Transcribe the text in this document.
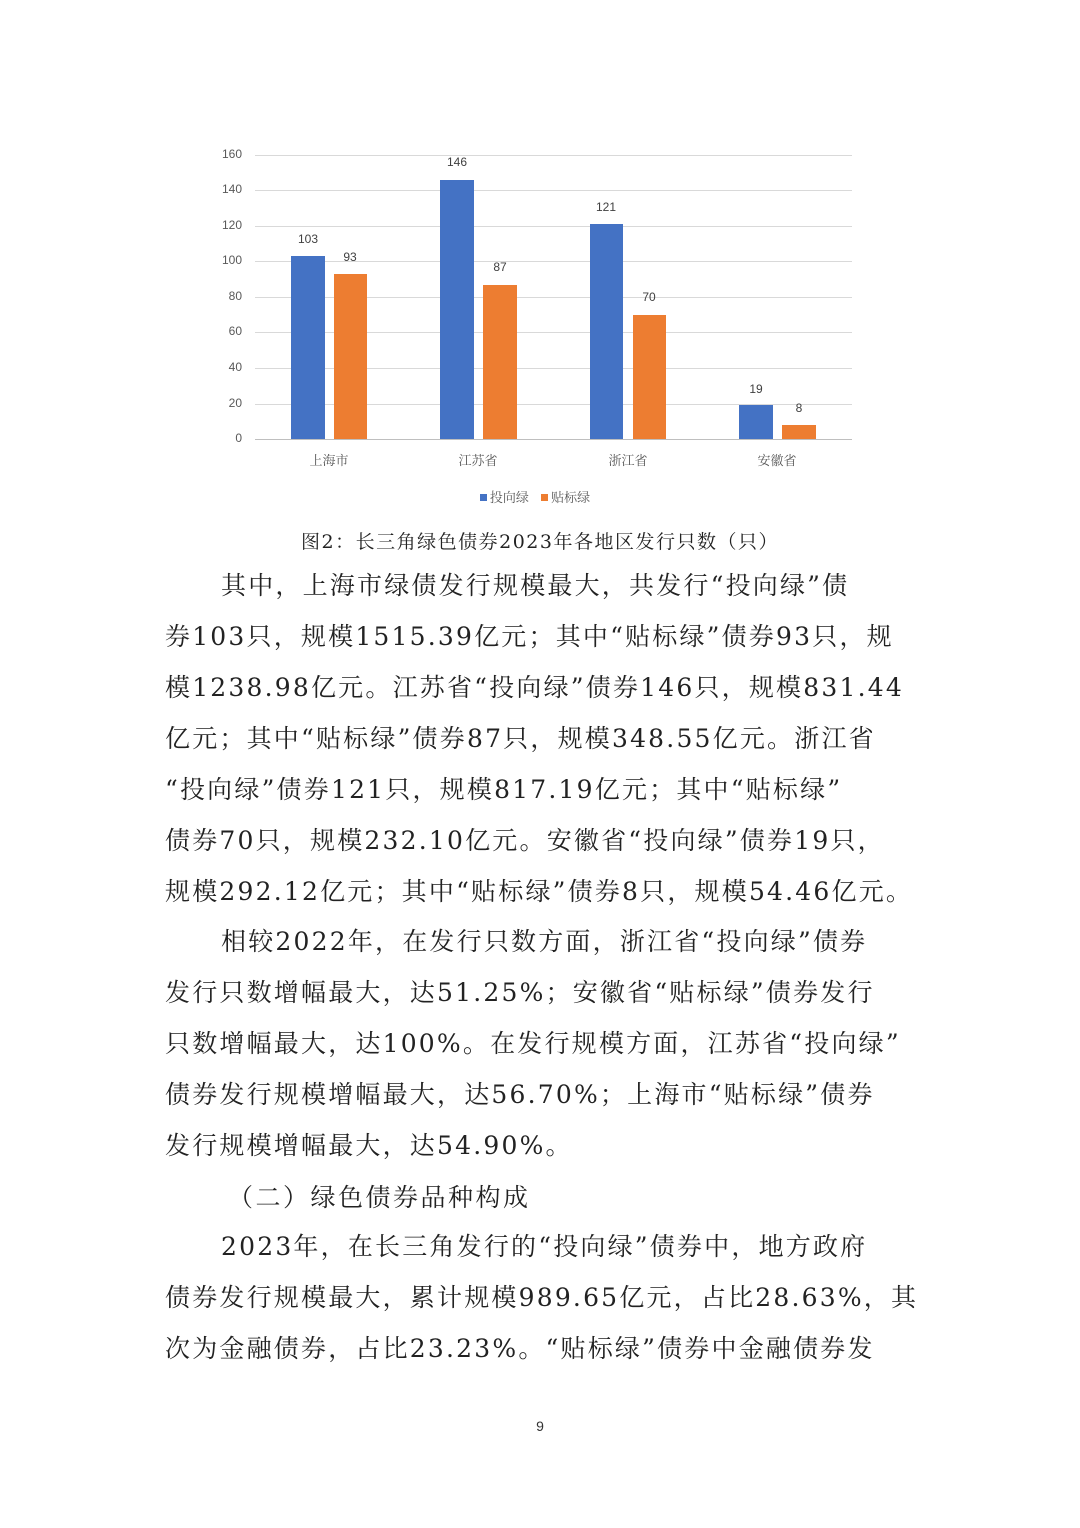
160
140
120
100
80
60
40
20
0
103
93
146
87
121
70
19
8
上海市	江苏省	浙江省	安徽省
投向绿 贴标绿
图2：长三角绿色债券2023年各地区发行只数（只）
其中，上海市绿债发行规模最大，共发行“投向绿”债
券103只，规模1515.39亿元；其中“贴标绿”债券93只，规
模1238.98亿元。江苏省“投向绿”债券146只，规模831.44
亿元；其中“贴标绿”债券87只，规模348.55亿元。浙江省
“投向绿”债券121只，规模817.19亿元；其中“贴标绿”
债券70只，规模232.10亿元。安徽省“投向绿”债券19只，
规模292.12亿元；其中“贴标绿”债券8只，规模54.46亿元。
相较2022年，在发行只数方面，浙江省“投向绿”债券
发行只数增幅最大，达51.25%；安徽省“贴标绿”债券发行
只数增幅最大，达100%。在发行规模方面，江苏省“投向绿”
债券发行规模增幅最大，达56.70%；上海市“贴标绿”债券
发行规模增幅最大，达54.90%。
（二）绿色债券品种构成
2023年，在长三角发行的“投向绿”债券中，地方政府
债券发行规模最大，累计规模989.65亿元，占比28.63%，其
次为金融债券，占比23.23%。“贴标绿”债券中金融债券发
9
